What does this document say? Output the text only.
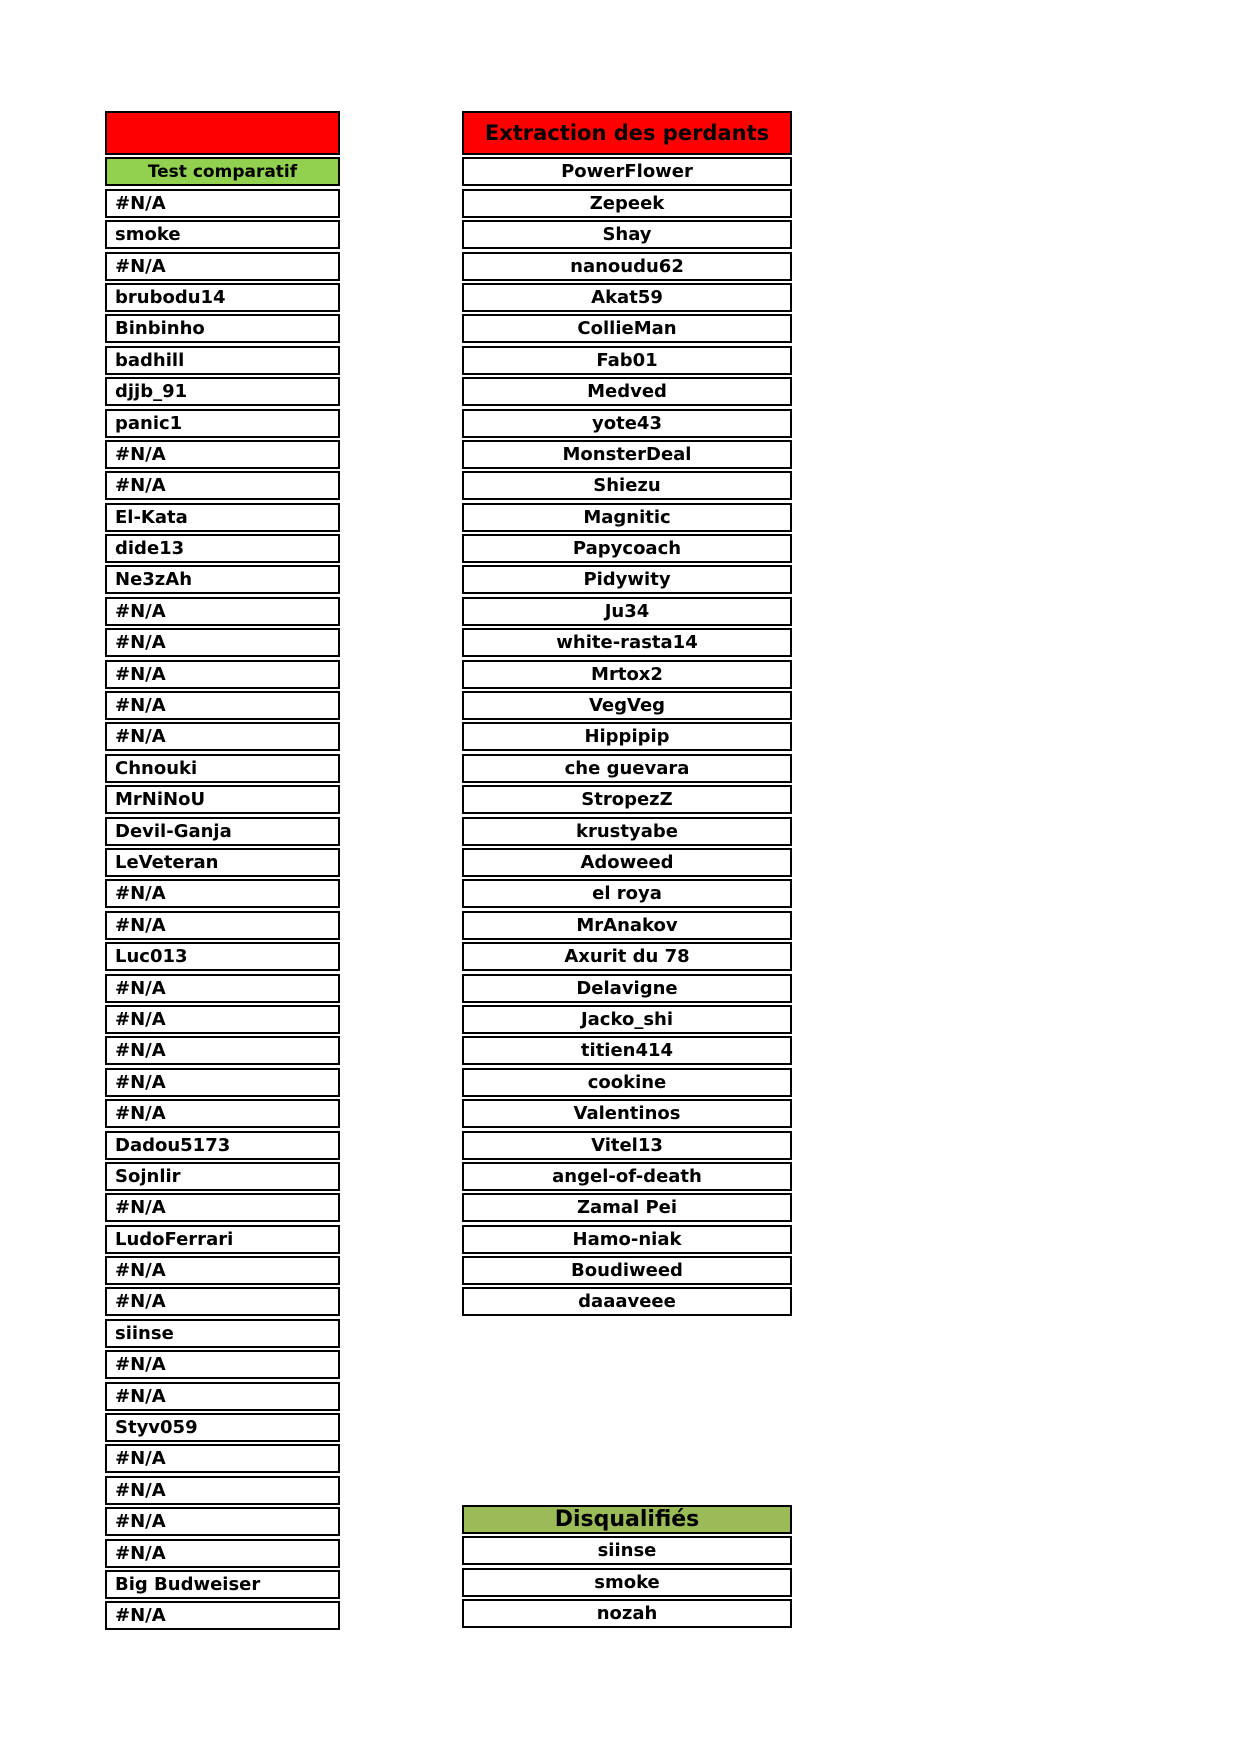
Test comparatif
#N/A
smoke
#N/A
brubodu14
Binbinho
badhill
djjb_91
panic1
#N/A
#N/A
El-Kata
dide13
Ne3zAh
#N/A
#N/A
#N/A
#N/A
#N/A
Chnouki
MrNiNoU
Devil-Ganja
LeVeteran
#N/A
#N/A
Luc013
#N/A
#N/A
#N/A
#N/A
#N/A
Dadou5173
Sojnlir
#N/A
LudoFerrari
#N/A
#N/A
siinse
#N/A
#N/A
Styv059
#N/A
#N/A
#N/A
#N/A
Big Budweiser
#N/A
Extraction des perdants
PowerFlower
Zepeek
Shay
nanoudu62
Akat59
CollieMan
Fab01
Medved
yote43
MonsterDeal
Shiezu
Magnitic
Papycoach
Pidywity
Ju34
white-rasta14
Mrtox2
VegVeg
Hippipip
che guevara
StropezZ
krustyabe
Adoweed
el roya
MrAnakov
Axurit du 78
Delavigne
Jacko_shi
titien414
cookine
Valentinos
Vitel13
angel-of-death
Zamal Pei
Hamo-niak
Boudiweed
daaaveee
Disqualifiés
siinse
smoke
nozah
